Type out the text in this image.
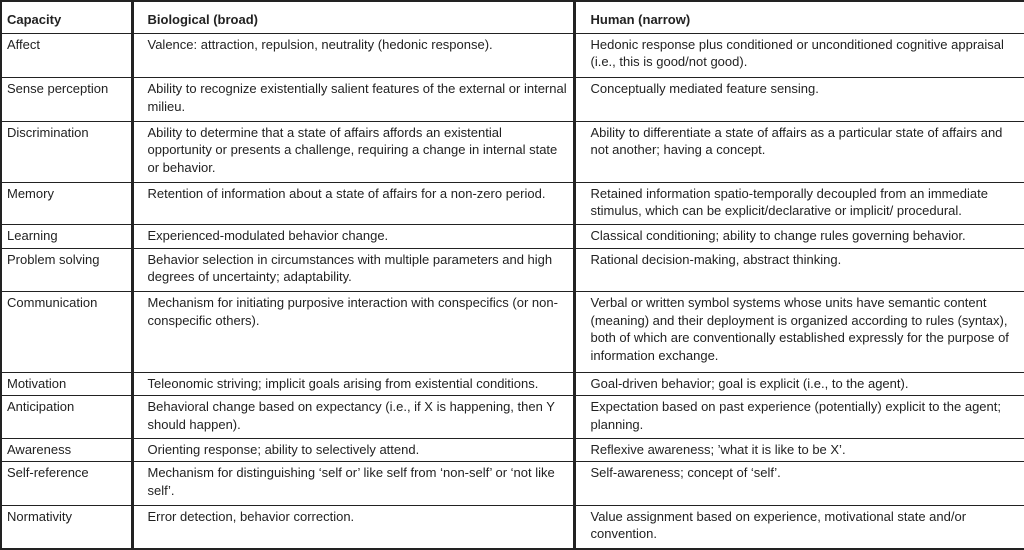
Capacity	Biological (broad)	Human (narrow)
Affect	Valence: attraction, repulsion, neutrality (hedonic response).	Hedonic response plus conditioned or unconditioned cognitive appraisal (i.e., this is good/not good).
Sense perception	Ability to recognize existentially salient features of the external or internal milieu.	Conceptually mediated feature sensing.
Discrimination	Ability to determine that a state of affairs affords an existential opportunity or presents a challenge, requiring a change in internal state or behavior.	Ability to differentiate a state of affairs as a particular state of affairs and not another; having a concept.
Memory	Retention of information about a state of affairs for a non-zero period.	Retained information spatio-temporally decoupled from an immediate stimulus, which can be explicit/declarative or implicit/ procedural.
Learning	Experienced-modulated behavior change.	Classical conditioning; ability to change rules governing behavior.
Problem solving	Behavior selection in circumstances with multiple parameters and high degrees of uncertainty; adaptability.	Rational decision-making, abstract thinking.
Communication	Mechanism for initiating purposive interaction with conspecifics (or non-conspecific others).	Verbal or written symbol systems whose units have semantic content (meaning) and their deployment is organized according to rules (syntax), both of which are conventionally established expressly for the purpose of information exchange.
Motivation	Teleonomic striving; implicit goals arising from existential conditions.	Goal-driven behavior; goal is explicit (i.e., to the agent).
Anticipation	Behavioral change based on expectancy (i.e., if X is happening, then Y should happen).	Expectation based on past experience (potentially) explicit to the agent; planning.
Awareness	Orienting response; ability to selectively attend.	Reflexive awareness; ’what it is like to be X’.
Self-reference	Mechanism for distinguishing ‘self or’ like self from ‘non-self’ or ‘not like self’.	Self-awareness; concept of ‘self’.
Normativity	Error detection, behavior correction.	Value assignment based on experience, motivational state and/or convention.
